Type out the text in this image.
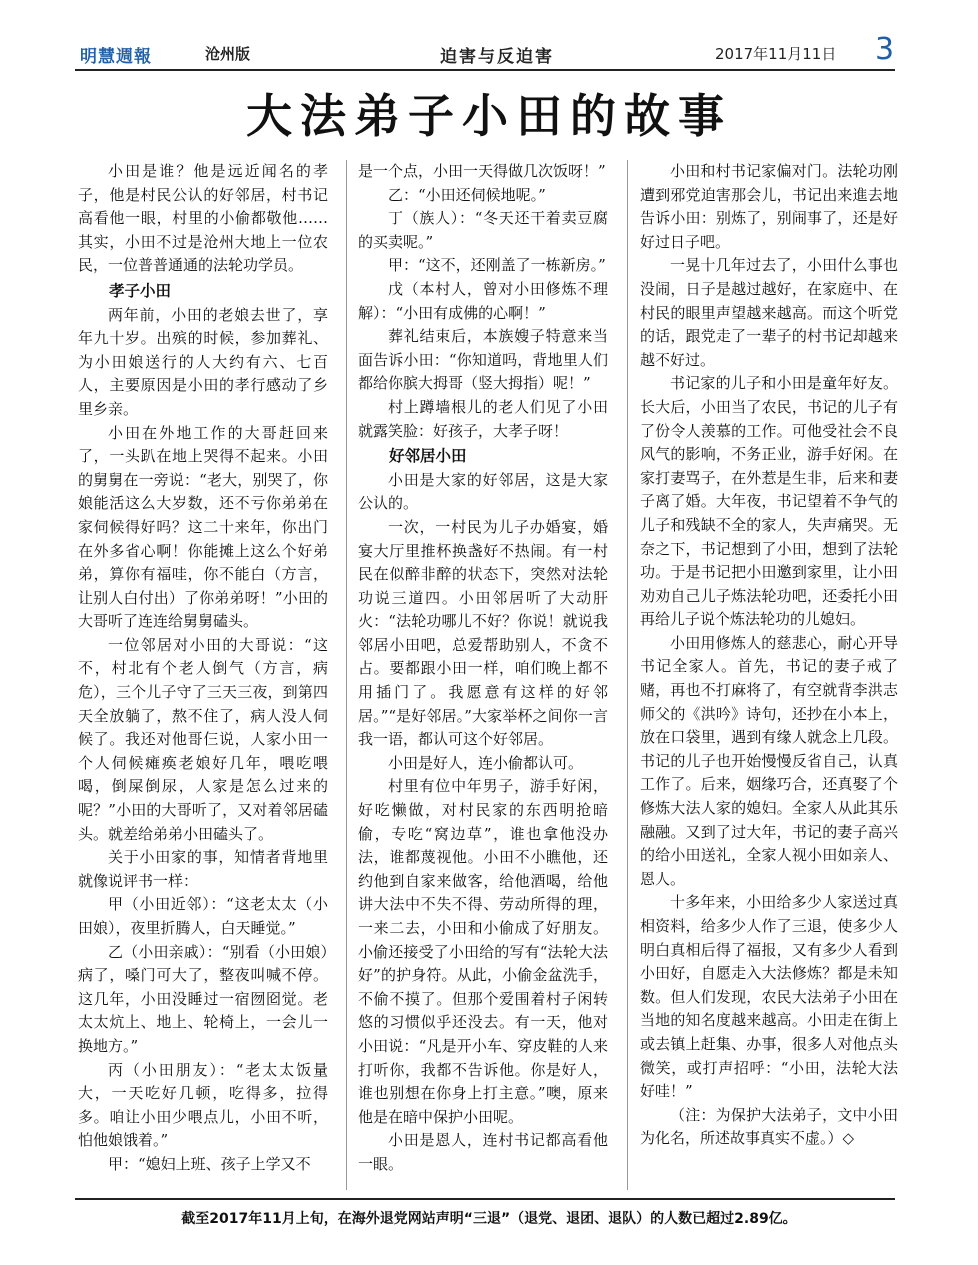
明慧週報	沧州版	迫害与反迫害	2017年11月11日 3
大法弟子小田的故事

小田是谁？他是远近闻名的孝子，他是村民公认的好邻居，村书记高看他一眼，村里的小偷都敬他……其实，小田不过是沧州大地上一位农民，一位普普通通的法轮功学员。

孝子小田

两年前，小田的老娘去世了，享年九十岁。出殡的时候，参加葬礼、为小田娘送行的人大约有六、七百人，主要原因是小田的孝行感动了乡里乡亲。

小田在外地工作的大哥赶回来了，一头趴在地上哭得不起来。小田的舅舅在一旁说：“老大，别哭了，你娘能活这么大岁数，还不亏你弟弟在家伺候得好吗？这二十来年，你出门在外多省心啊！你能摊上这么个好弟弟，算你有福哇，你不能白（方言，让别人白付出）了你弟弟呀！”小田的大哥听了连连给舅舅磕头。

一位邻居对小田的大哥说：“这不，村北有个老人倒气（方言，病危），三个儿子守了三天三夜，到第四天全放躺了，熬不住了，病人没人伺候了。我还对他哥仨说，人家小田一个人伺候瘫痪老娘好几年，喂吃喂喝，倒屎倒尿，人家是怎么过来的呢？”小田的大哥听了，又对着邻居磕头。就差给弟弟小田磕头了。

关于小田家的事，知情者背地里就像说评书一样：

甲（小田近邻）：“这老太太（小田娘），夜里折腾人，白天睡觉。”

乙（小田亲戚）：“别看（小田娘）病了，嗓门可大了，整夜叫喊不停。这几年，小田没睡过一宿囫囵觉。老太太炕上、地上、轮椅上，一会儿一换地方。”

丙（小田朋友）：“老太太饭量大，一天吃好几顿，吃得多，拉得多。咱让小田少喂点儿，小田不听，怕他娘饿着。”

甲：“媳妇上班、孩子上学又不

是一个点，小田一天得做几次饭呀！”

乙：“小田还伺候地呢。”

丁（族人）：“冬天还干着卖豆腐的买卖呢。”

甲：“这不，还刚盖了一栋新房。”

戊（本村人，曾对小田修炼不理解）：“小田有成佛的心啊！”

葬礼结束后，本族嫂子特意来当面告诉小田：“你知道吗，背地里人们都给你膑大拇哥（竖大拇指）呢！”

村上蹲墙根儿的老人们见了小田就露笑脸：好孩子，大孝子呀！

好邻居小田

小田是大家的好邻居，这是大家公认的。

一次，一村民为儿子办婚宴，婚宴大厅里推杯换盏好不热闹。有一村民在似醉非醉的状态下，突然对法轮功说三道四。小田邻居听了大动肝火：“法轮功哪儿不好？你说！就说我邻居小田吧，总爱帮助别人，不贪不占。要都跟小田一样，咱们晚上都不用插门了。我愿意有这样的好邻居。”“是好邻居。”大家举杯之间你一言我一语，都认可这个好邻居。

小田是好人，连小偷都认可。

村里有位中年男子，游手好闲，好吃懒做，对村民家的东西明抢暗偷，专吃“窝边草”，谁也拿他没办法，谁都蔑视他。小田不小瞧他，还约他到自家来做客，给他酒喝，给他讲大法中不失不得、劳动所得的理，一来二去，小田和小偷成了好朋友。小偷还接受了小田给的写有“法轮大法好”的护身符。从此，小偷金盆洗手，不偷不摸了。但那个爱围着村子闲转悠的习惯似乎还没去。有一天，他对小田说：“凡是开小车、穿皮鞋的人来打听你，我都不告诉他。你是好人，谁也别想在你身上打主意。”噢，原来他是在暗中保护小田呢。

小田是恩人，连村书记都高看他一眼。

小田和村书记家偏对门。法轮功刚遭到邪党迫害那会儿，书记出来進去地告诉小田：别炼了，别闹事了，还是好好过日子吧。

一晃十几年过去了，小田什么事也没闹，日子是越过越好，在家庭中、在村民的眼里声望越来越高。而这个听党的话，跟党走了一辈子的村书记却越来越不好过。

书记家的儿子和小田是童年好友。长大后，小田当了农民，书记的儿子有了份令人羡慕的工作。可他受社会不良风气的影响，不务正业，游手好闲。在家打妻骂子，在外惹是生非，后来和妻子离了婚。大年夜，书记望着不争气的儿子和残缺不全的家人，失声痛哭。无奈之下，书记想到了小田，想到了法轮功。于是书记把小田邀到家里，让小田劝劝自己儿子炼法轮功吧，还委托小田再给儿子说个炼法轮功的儿媳妇。

小田用修炼人的慈悲心，耐心开导书记全家人。首先，书记的妻子戒了赌，再也不打麻将了，有空就背李洪志师父的《洪吟》诗句，还抄在小本上，放在口袋里，遇到有缘人就念上几段。书记的儿子也开始慢慢反省自己，认真工作了。后来，姻缘巧合，还真娶了个修炼大法人家的媳妇。全家人从此其乐融融。又到了过大年，书记的妻子高兴的给小田送礼，全家人视小田如亲人、恩人。

十多年来，小田给多少人家送过真相资料，给多少人作了三退，使多少人明白真相后得了福报，又有多少人看到小田好，自愿走入大法修炼？都是未知数。但人们发现，农民大法弟子小田在当地的知名度越来越高。小田走在街上或去镇上赶集、办事，很多人对他点头微笑，或打声招呼：“小田，法轮大法好哇！”

（注：为保护大法弟子，文中小田为化名，所述故事真实不虚。）◇

截至2017年11月上旬，在海外退党网站声明“三退”（退党、退团、退队）的人数已超过2.89亿。
